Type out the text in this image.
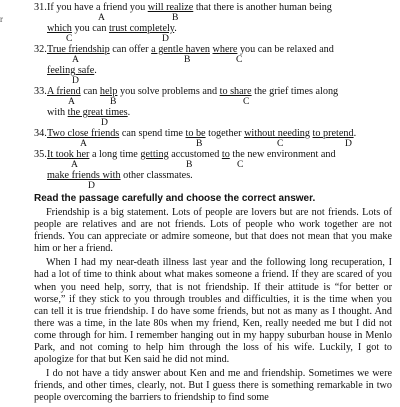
r
31.If you have a friend you will realize that there is another human being
A	B
which you can trust completely.
C	D
32.True friendship can offer a gentle haven where you can be relaxed and
A	B	C
feeling safe.
D
33.A friend can help you solve problems and to share the grief times along
A	B	C
with the great times.
D
34.Two close friends can spend time to be together without needing to pretend.
A	B	C	D
35.It took her a long time getting accustomed to the new environment and
A	B	C
make friends with other classmates.
D
Read the passage carefully and choose the correct answer.

Friendship is a big statement. Lots of people are lovers but are not friends. Lots of people are relatives and are not friends. Lots of people who work together are not friends. You can appreciate or admire someone, but that does not mean that you make him or her a friend.

When I had my near-death illness last year and the following long recuperation, I had a lot of time to think about what makes someone a friend. If they are scared of you when you need help, sorry, that is not friendship. If their attitude is “for better or worse,” if they stick to you through troubles and difficulties, it is the time when you can tell it is true friendship. I do have some friends, but not as many as I thought. And there was a time, in the late 80s when my friend, Ken, really needed me but I did not come through for him. I remember hanging out in my happy suburban house in Menlo Park, and not coming to help him through the loss of his wife. Luckily, I got to apologize for that but Ken said he did not mind.

I do not have a tidy answer about Ken and me and friendship. Sometimes we were friends, and other times, clearly, not. But I guess there is something remarkable in two people overcoming the barriers to friendship to find some
